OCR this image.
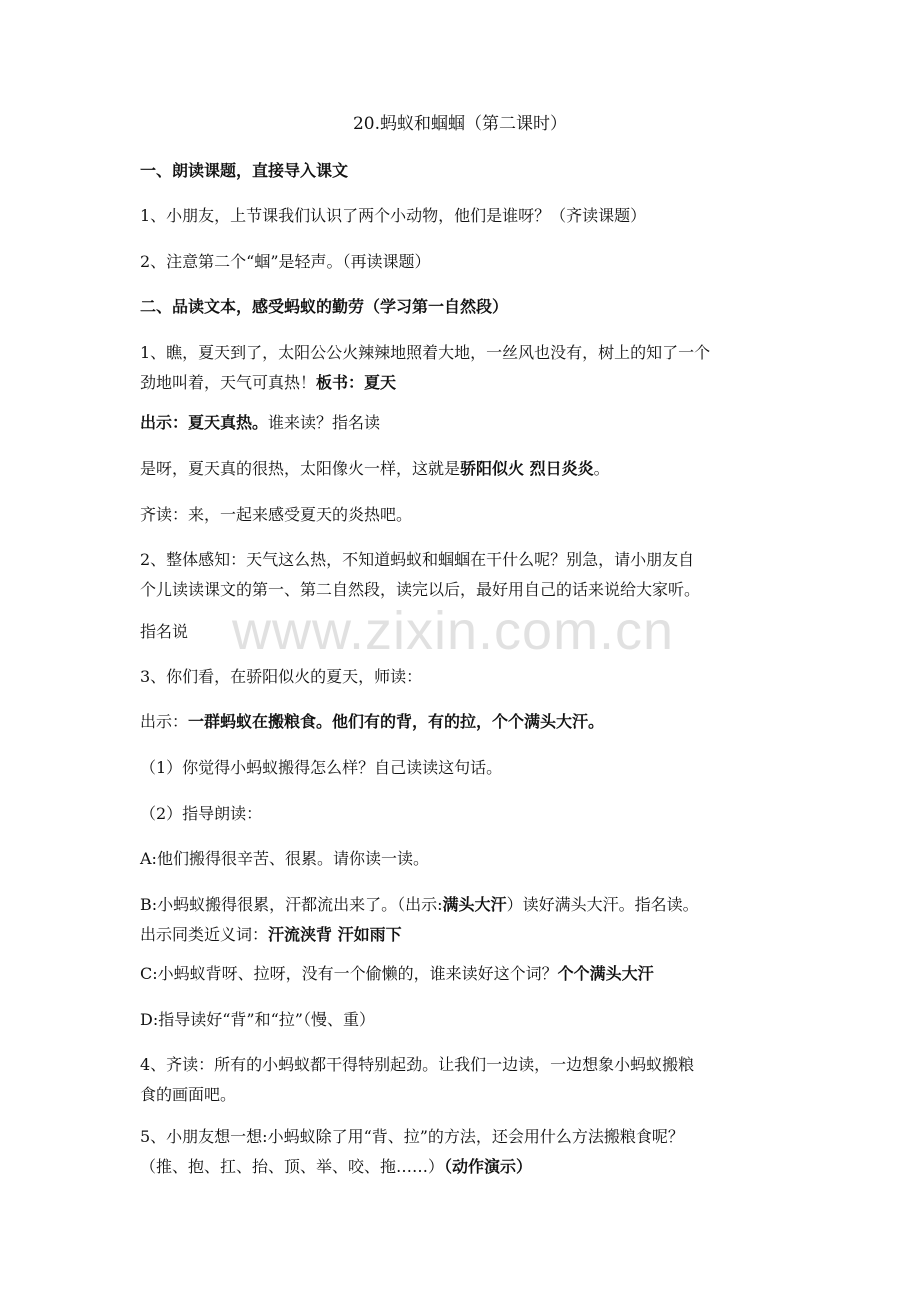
20.蚂蚁和蝈蝈（第二课时）

一、朗读课题，直接导入课文

1、小朋友，上节课我们认识了两个小动物，他们是谁呀？（齐读课题）

2、注意第二个“蝈”是轻声。（再读课题）

二、品读文本，感受蚂蚁的勤劳（学习第一自然段）

1、瞧，夏天到了，太阳公公火辣辣地照着大地，一丝风也没有，树上的知了一个
劲地叫着，天气可真热！板书：夏天

出示：夏天真热。谁来读？指名读

是呀，夏天真的很热，太阳像火一样，这就是骄阳似火 烈日炎炎。

齐读：来，一起来感受夏天的炎热吧。

2、整体感知：天气这么热，不知道蚂蚁和蝈蝈在干什么呢？别急，请小朋友自
个儿读读课文的第一、第二自然段，读完以后，最好用自己的话来说给大家听。

指名说

3、你们看，在骄阳似火的夏天，师读：

出示：一群蚂蚁在搬粮食。他们有的背，有的拉，个个满头大汗。

（1）你觉得小蚂蚁搬得怎么样？自己读读这句话。

（2）指导朗读：

A:他们搬得很辛苦、很累。请你读一读。

B:小蚂蚁搬得很累，汗都流出来了。（出示:满头大汗）读好满头大汗。指名读。
出示同类近义词：汗流浃背 汗如雨下

C:小蚂蚁背呀、拉呀，没有一个偷懒的，谁来读好这个词？个个满头大汗

D:指导读好“背”和“拉”（慢、重）

4、齐读：所有的小蚂蚁都干得特别起劲。让我们一边读，一边想象小蚂蚁搬粮
食的画面吧。

5、小朋友想一想:小蚂蚁除了用“背、拉”的方法，还会用什么方法搬粮食呢？
（推、抱、扛、抬、顶、举、咬、拖……）（动作演示）

www.zixin.com.cn
